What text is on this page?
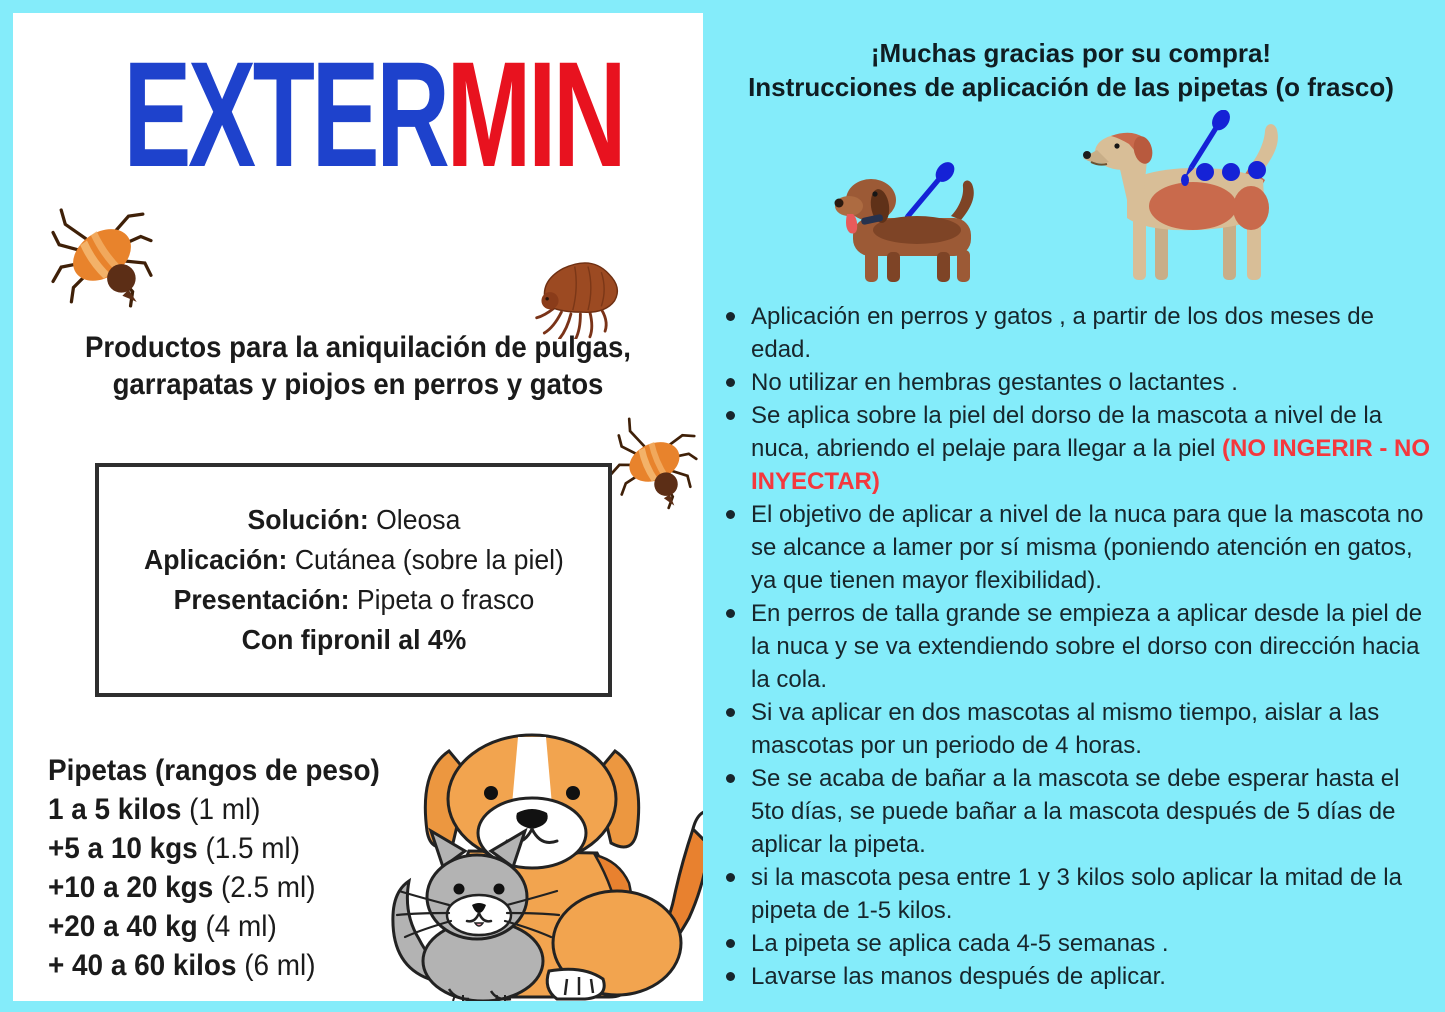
EXTERMIN
Productos para la aniquilación de pulgas,
garrapatas y piojos en perros y gatos
Solución: Oleosa
Aplicación: Cutánea (sobre la piel)
Presentación: Pipeta o frasco
Con fipronil al 4%
Pipetas (rangos de peso)
1 a 5 kilos (1 ml)
+5 a 10 kgs (1.5 ml)
+10 a 20 kgs (2.5 ml)
+20 a 40 kg (4 ml)
+ 40 a 60 kilos (6 ml)
¡Muchas gracias por su compra!
Instrucciones de aplicación de las pipetas (o frasco)
Aplicación en perros y gatos , a partir de los dos meses de edad.
No utilizar en hembras gestantes o lactantes .
Se aplica sobre la piel del dorso de la mascota a nivel de la nuca, abriendo el pelaje para llegar a la piel (NO INGERIR - NO INYECTAR)
El objetivo de aplicar a nivel de la nuca para que la mascota no se alcance a lamer por sí misma (poniendo atención en gatos, ya que tienen mayor flexibilidad).
En perros de talla grande se empieza a aplicar desde la piel de la nuca y se va extendiendo sobre el dorso con dirección hacia la cola.
Si va aplicar en dos mascotas al mismo tiempo, aislar a las mascotas por un periodo de 4 horas.
Se se acaba de bañar a la mascota se debe esperar hasta el 5to días, se puede bañar a la mascota después de 5 días de aplicar la pipeta.
si la mascota pesa entre 1 y 3 kilos solo aplicar la mitad de la pipeta de 1-5 kilos.
La pipeta se aplica cada 4-5 semanas .
Lavarse las manos después de aplicar.
